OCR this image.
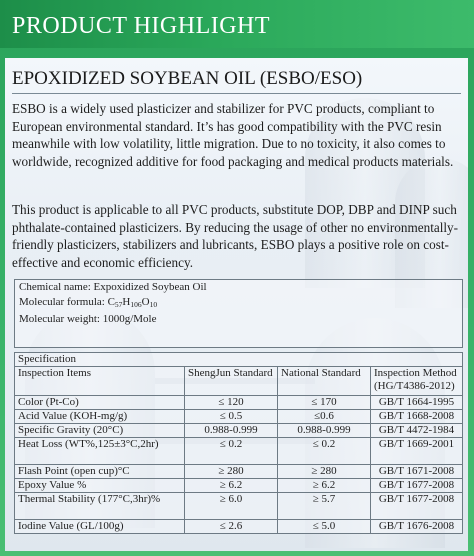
PRODUCT HIGHLIGHT
EPOXIDIZED SOYBEAN OIL (ESBO/ESO)
ESBO is a widely used plasticizer and stabilizer for PVC products, compliant to European environmental standard. It’s has good compatibility with the PVC resin meanwhile with low volatility, little migration. Due to no toxicity, it also comes to worldwide, recognized additive for food packaging and medical products materials.
This product is applicable to all PVC products, substitute DOP, DBP and DINP such phthalate-contained plasticizers. By reducing the usage of other no environmentally-friendly plasticizers, stabilizers and lubricants, ESBO plays a positive role on cost-effective and economic efficiency.
Chemical name: Expoxidized Soybean Oil
Molecular formula: $C_{57}H_{106}O_{10}$
Molecular weight: 1000g/Mole
Specification			
Inspection Items	ShengJun Standard	National Standard	Inspection Method (HG/T4386-2012)
Color (Pt-Co)	≤ 120	≤ 170	GB/T 1664-1995
Acid Value (KOH-mg/g)	≤ 0.5	≤0.6	GB/T 1668-2008
Specific Gravity (20°C)	0.988-0.999	0.988-0.999	GB/T 4472-1984
Heat Loss (WT%,125±3°C,2hr)	≤ 0.2	≤ 0.2	GB/T 1669-2001
Flash Point (open cup)°C	≥ 280	≥ 280	GB/T 1671-2008
Epoxy Value %	≥ 6.2	≥ 6.2	GB/T 1677-2008
Thermal Stability (177°C,3hr)%	≥ 6.0	≥ 5.7	GB/T 1677-2008
Iodine Value (GL/100g)	≤ 2.6	≤ 5.0	GB/T 1676-2008
